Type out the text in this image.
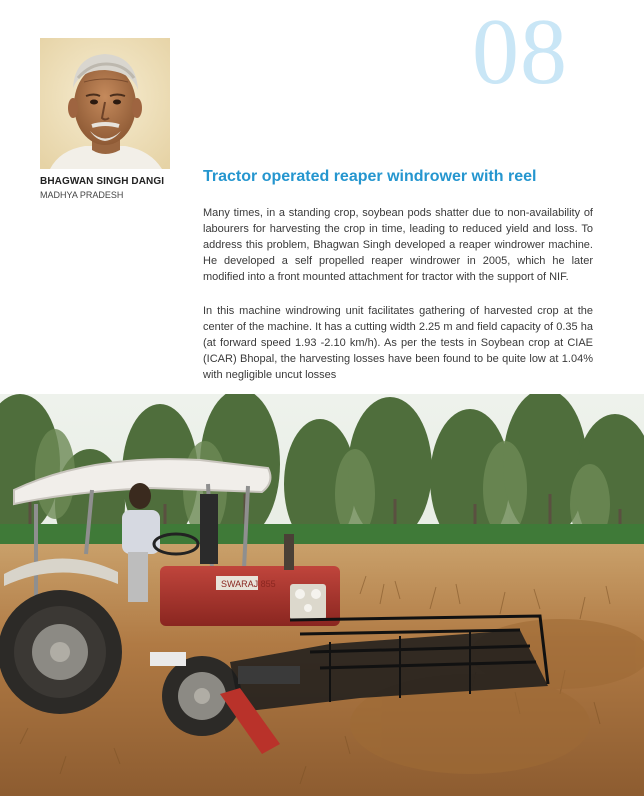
08
BHAGWAN SINGH DANGI
MADHYA PRADESH
Tractor operated reaper windrower with reel

Many times, in a standing crop, soybean pods shatter due to non-availability of labourers for harvesting the crop in time, leading to reduced yield and loss. To address this problem, Bhagwan Singh developed a reaper windrower machine. He developed a self propelled reaper windrower in 2005, which he later modified into a front mounted attachment for tractor with the support of NIF.

In this machine windrowing unit facilitates gathering of harvested crop at the center of the machine. It has a cutting width 2.25 m and field capacity of 0.35 ha (at forward speed 1.93 -2.10 km/h). As per the tests in Soybean crop at CIAE (ICAR) Bhopal, the harvesting losses have been found to be quite low at 1.04% with negligible uncut losses

SWARAJ 855
